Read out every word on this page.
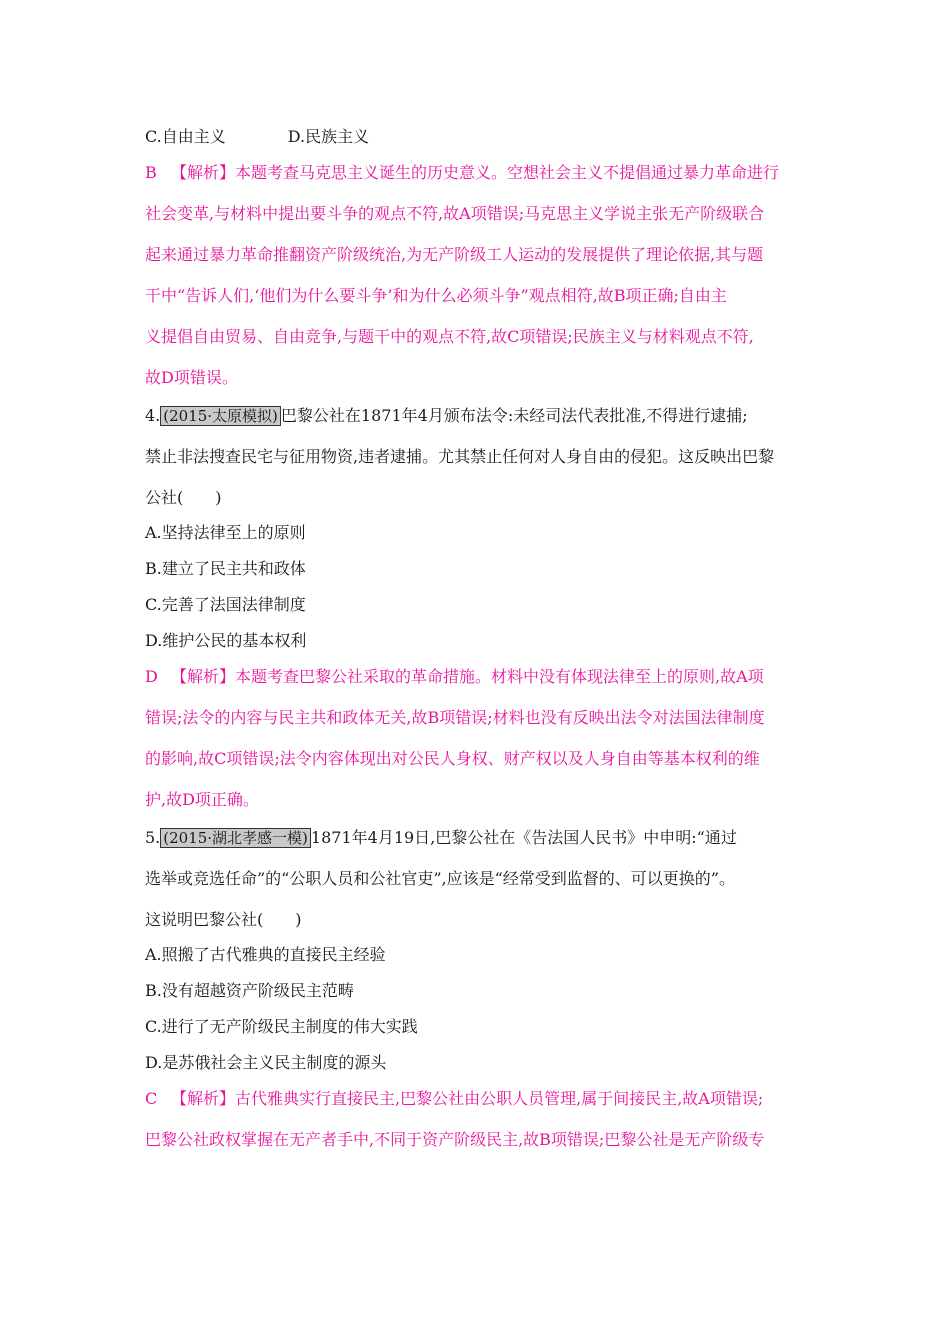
C.自由主义	D.民族主义
B 【解析】本题考查马克思主义诞生的历史意义。空想社会主义不提倡通过暴力革命进行
社会变革,与材料中提出要斗争的观点不符,故A项错误;马克思主义学说主张无产阶级联合
起来通过暴力革命推翻资产阶级统治,为无产阶级工人运动的发展提供了理论依据,其与题
干中“告诉人们,‘他们为什么要斗争’和为什么必须斗争”观点相符,故B项正确;自由主
义提倡自由贸易、自由竞争,与题干中的观点不符,故C项错误;民族主义与材料观点不符,
故D项错误。
4. (2015·太原模拟) 巴黎公社在1871年4月颁布法令:未经司法代表批准,不得进行逮捕;
禁止非法搜查民宅与征用物资,违者逮捕。尤其禁止任何对人身自由的侵犯。这反映出巴黎
公社(　　)
A.坚持法律至上的原则
B.建立了民主共和政体
C.完善了法国法律制度
D.维护公民的基本权利
D 【解析】本题考查巴黎公社采取的革命措施。材料中没有体现法律至上的原则,故A项
错误;法令的内容与民主共和政体无关,故B项错误;材料也没有反映出法令对法国法律制度
的影响,故C项错误;法令内容体现出对公民人身权、财产权以及人身自由等基本权利的维
护,故D项正确。
5. (2015·湖北孝感一模) 1871年4月19日,巴黎公社在《告法国人民书》中申明:“通过
选举或竞选任命”的“公职人员和公社官吏”,应该是“经常受到监督的、可以更换的”。
这说明巴黎公社(　　)
A.照搬了古代雅典的直接民主经验
B.没有超越资产阶级民主范畴
C.进行了无产阶级民主制度的伟大实践
D.是苏俄社会主义民主制度的源头
C 【解析】古代雅典实行直接民主,巴黎公社由公职人员管理,属于间接民主,故A项错误;
巴黎公社政权掌握在无产者手中,不同于资产阶级民主,故B项错误;巴黎公社是无产阶级专
